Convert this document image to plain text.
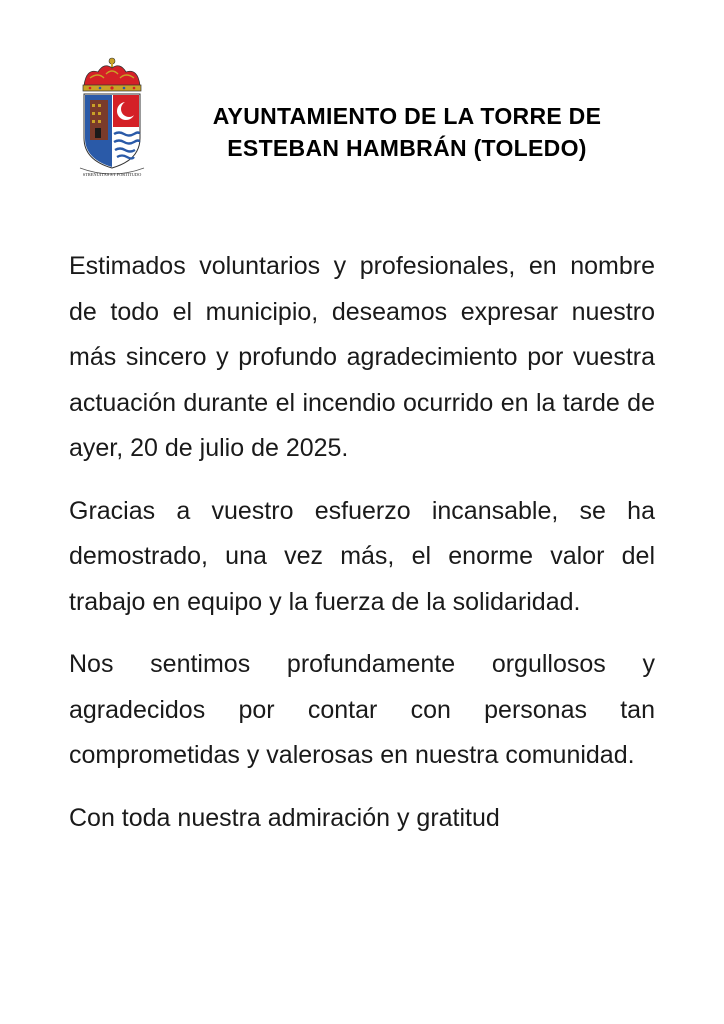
STRENUITAS ET FORTITUDO
AYUNTAMIENTO DE LA TORRE DE
ESTEBAN HAMBRÁN (TOLEDO)

Estimados voluntarios y profesionales, en nombre de todo el municipio, deseamos expresar nuestro más sincero y profundo agradecimiento por vuestra actuación durante el incendio ocurrido en la tarde de ayer, 20 de julio de 2025.

Gracias a vuestro esfuerzo incansable, se ha demostrado, una vez más, el enorme valor del trabajo en equipo y la fuerza de la solidaridad.

Nos sentimos profundamente orgullosos y agradecidos por contar con personas tan comprometidas y valerosas en nuestra comunidad.

Con toda nuestra admiración y gratitud
